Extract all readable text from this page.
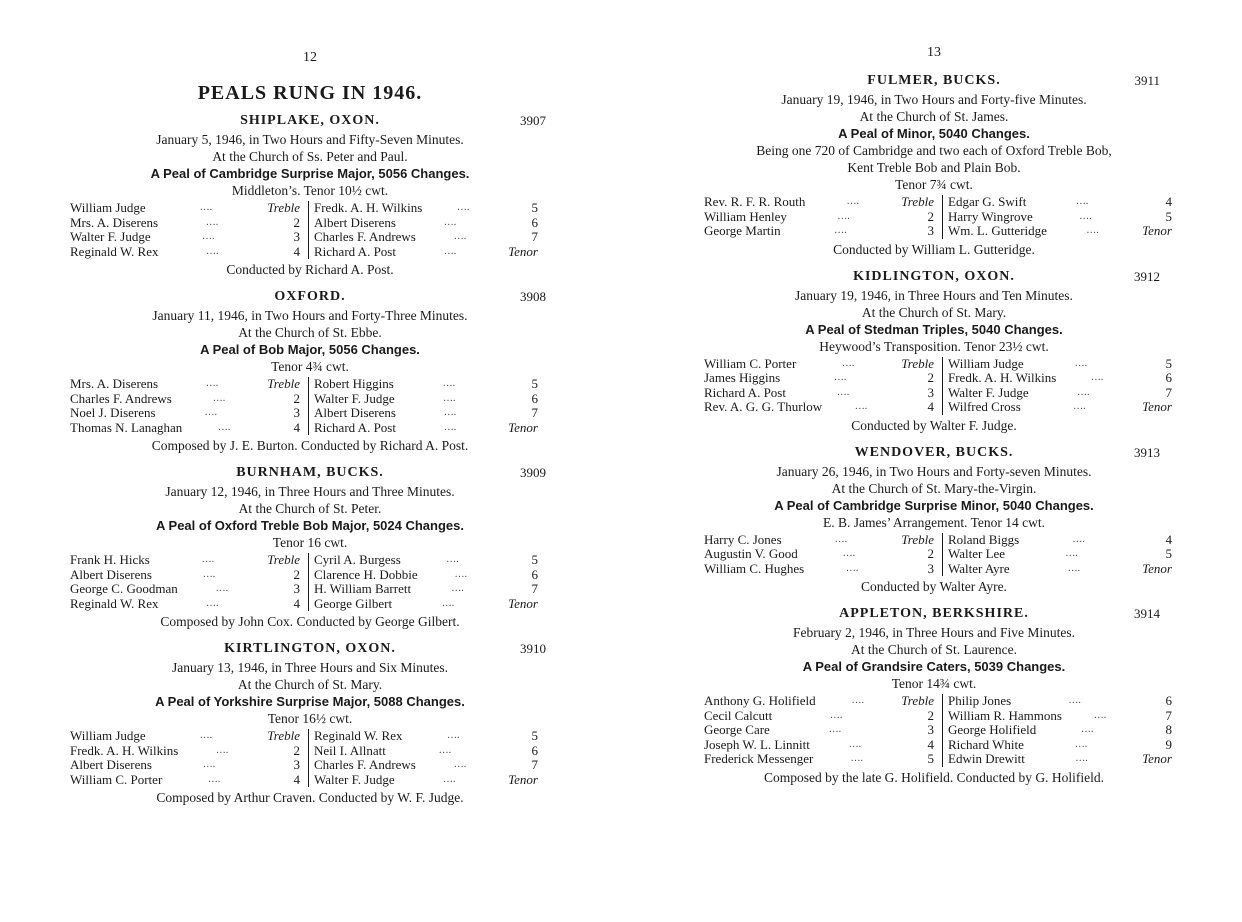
12
PEALS RUNG IN 1946.
SHIPLAKE, OXON.	3907
January 5, 1946, in Two Hours and Fifty-Seven Minutes.
At the Church of Ss. Peter and Paul.
A Peal of Cambridge Surprise Major, 5056 Changes.
Middleton’s. Tenor 10½ cwt.
William Judge	….	Treble
Mrs. A. Diserens	….	2
Walter F. Judge	….	3
Reginald W. Rex	….	4
Fredk. A. H. Wilkins	….	5
Albert Diserens	….	6
Charles F. Andrews	….	7
Richard A. Post	….	Tenor
Conducted by Richard A. Post.
OXFORD.	3908
January 11, 1946, in Two Hours and Forty-Three Minutes.
At the Church of St. Ebbe.
A Peal of Bob Major, 5056 Changes.
Tenor 4¾ cwt.
Mrs. A. Diserens	….	Treble
Charles F. Andrews	….	2
Noel J. Diserens	….	3
Thomas N. Lanaghan	….	4
Robert Higgins	….	5
Walter F. Judge	….	6
Albert Diserens	….	7
Richard A. Post	….	Tenor
Composed by J. E. Burton. Conducted by Richard A. Post.
BURNHAM, BUCKS.	3909
January 12, 1946, in Three Hours and Three Minutes.
At the Church of St. Peter.
A Peal of Oxford Treble Bob Major, 5024 Changes.
Tenor 16 cwt.
Frank H. Hicks	….	Treble
Albert Diserens	….	2
George C. Goodman	….	3
Reginald W. Rex	….	4
Cyril A. Burgess	….	5
Clarence H. Dobbie	….	6
H. William Barrett	….	7
George Gilbert	….	Tenor
Composed by John Cox. Conducted by George Gilbert.
KIRTLINGTON, OXON.	3910
January 13, 1946, in Three Hours and Six Minutes.
At the Church of St. Mary.
A Peal of Yorkshire Surprise Major, 5088 Changes.
Tenor 16½ cwt.
William Judge	….	Treble
Fredk. A. H. Wilkins	….	2
Albert Diserens	….	3
William C. Porter	….	4
Reginald W. Rex	….	5
Neil I. Allnatt	….	6
Charles F. Andrews	….	7
Walter F. Judge	….	Tenor
Composed by Arthur Craven. Conducted by W. F. Judge.
13
FULMER, BUCKS.	3911
January 19, 1946, in Two Hours and Forty-five Minutes.
At the Church of St. James.
A Peal of Minor, 5040 Changes.
Being one 720 of Cambridge and two each of Oxford Treble Bob,
Kent Treble Bob and Plain Bob.
Tenor 7¾ cwt.
Rev. R. F. R. Routh	….	Treble
William Henley	….	2
George Martin	….	3
Edgar G. Swift	….	4
Harry Wingrove	….	5
Wm. L. Gutteridge	….	Tenor
Conducted by William L. Gutteridge.
KIDLINGTON, OXON.	3912
January 19, 1946, in Three Hours and Ten Minutes.
At the Church of St. Mary.
A Peal of Stedman Triples, 5040 Changes.
Heywood’s Transposition. Tenor 23½ cwt.
William C. Porter	….	Treble
James Higgins	….	2
Richard A. Post	….	3
Rev. A. G. G. Thurlow	….	4
William Judge	….	5
Fredk. A. H. Wilkins	….	6
Walter F. Judge	….	7
Wilfred Cross	….	Tenor
Conducted by Walter F. Judge.
WENDOVER, BUCKS.	3913
January 26, 1946, in Two Hours and Forty-seven Minutes.
At the Church of St. Mary-the-Virgin.
A Peal of Cambridge Surprise Minor, 5040 Changes.
E. B. James’ Arrangement. Tenor 14 cwt.
Harry C. Jones	….	Treble
Augustin V. Good	….	2
William C. Hughes	….	3
Roland Biggs	….	4
Walter Lee	….	5
Walter Ayre	….	Tenor
Conducted by Walter Ayre.
APPLETON, BERKSHIRE.	3914
February 2, 1946, in Three Hours and Five Minutes.
At the Church of St. Laurence.
A Peal of Grandsire Caters, 5039 Changes.
Tenor 14¾ cwt.
Anthony G. Holifield	….	Treble
Cecil Calcutt	….	2
George Care	….	3
Joseph W. L. Linnitt	….	4
Frederick Messenger	….	5
Philip Jones	….	6
William R. Hammons	….	7
George Holifield	….	8
Richard White	….	9
Edwin Drewitt	….	Tenor
Composed by the late G. Holifield. Conducted by G. Holifield.
